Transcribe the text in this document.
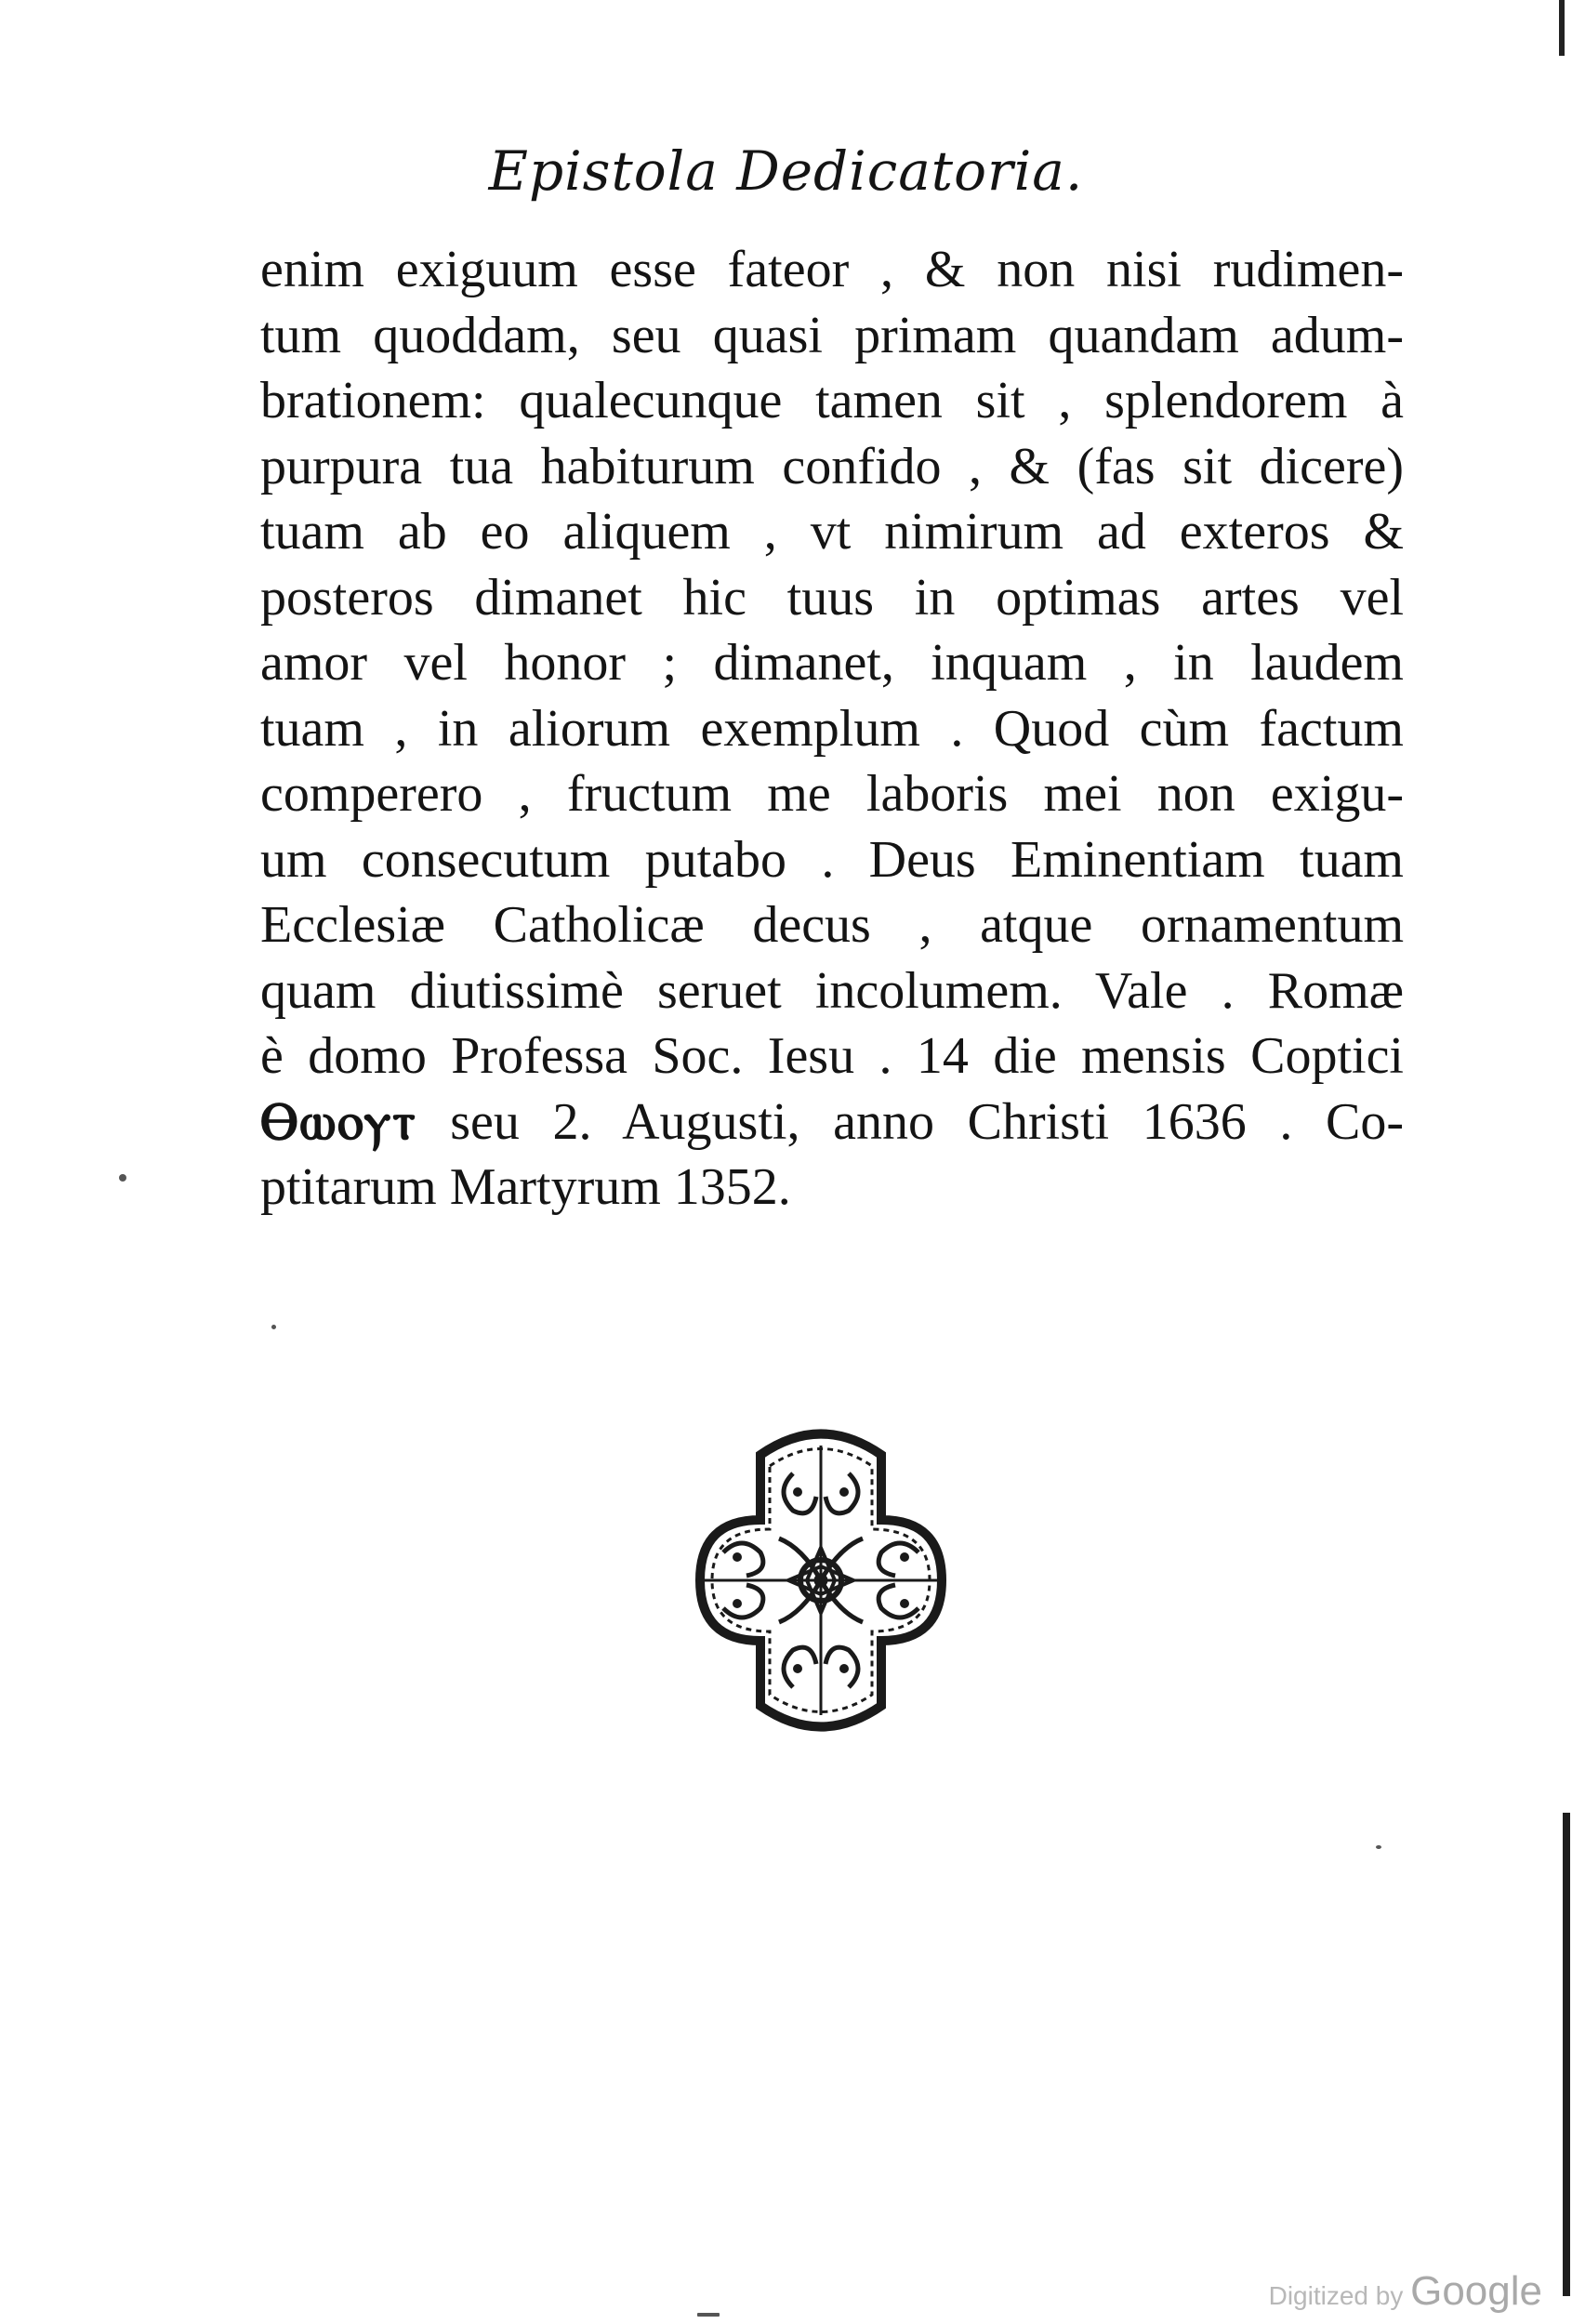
Epistola Dedicatoria.
enim exiguum esse fateor , & non nisi rudimen-
tum quoddam, seu quasi primam quandam adum-
brationem: qualecunque tamen sit , splendorem à
purpura tua habiturum confido , & (fas sit dicere)
tuam ab eo aliquem , vt nimirum ad exteros &
posteros dimanet hic tuus in optimas artes vel
amor vel honor ; dimanet, inquam , in laudem
tuam , in aliorum exemplum . Quod cùm factum
comperero , fructum me laboris mei non exigu-
um consecutum putabo . Deus Eminentiam tuam
Ecclesiæ Catholicæ decus , atque ornamentum
quam diutissimè seruet incolumem. Vale . Romæ
è domo Professa Soc. Iesu . 14 die mensis Coptici
Ⲑⲱⲟⲩⲧ seu 2. Augusti, anno Christi 1636 . Co-
ptitarum Martyrum 1352.
Digitized by Google
